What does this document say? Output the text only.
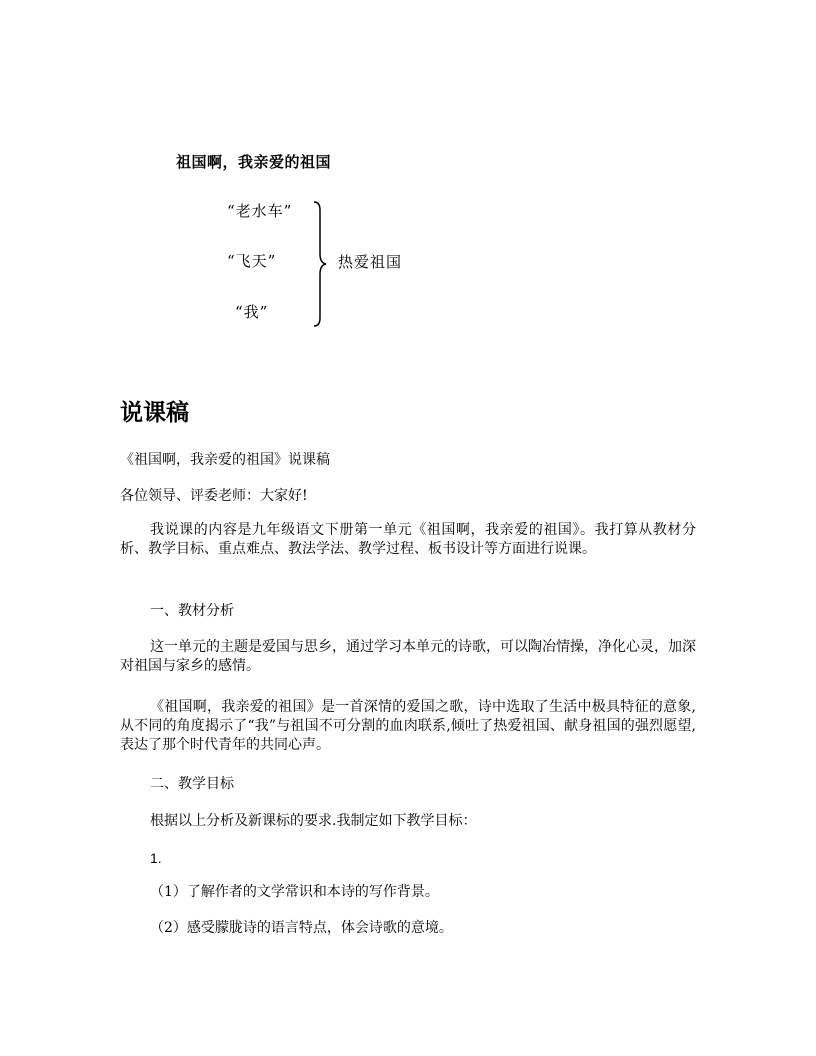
祖国啊，我亲爱的祖国
“老水车”
“飞天”
“我”
热爱祖国
说课稿
《祖国啊，我亲爱的祖国》说课稿
各位领导、评委老师：大家好!
我说课的内容是九年级语文下册第一单元《祖国啊，我亲爱的祖国》。我打算从教材分析、教学目标、重点难点、教法学法、教学过程、板书设计等方面进行说课。
一、教材分析
这一单元的主题是爱国与思乡，通过学习本单元的诗歌，可以陶冶情操，净化心灵，加深对祖国与家乡的感情。
《祖国啊，我亲爱的祖国》是一首深情的爱国之歌，诗中选取了生活中极具特征的意象,从不同的角度揭示了“我”与祖国不可分割的血肉联系,倾吐了热爱祖国、献身祖国的强烈愿望,表达了那个时代青年的共同心声。
二、教学目标
根据以上分析及新课标的要求.我制定如下教学目标：
1.
（1）了解作者的文学常识和本诗的写作背景。
（2）感受朦胧诗的语言特点，体会诗歌的意境。
